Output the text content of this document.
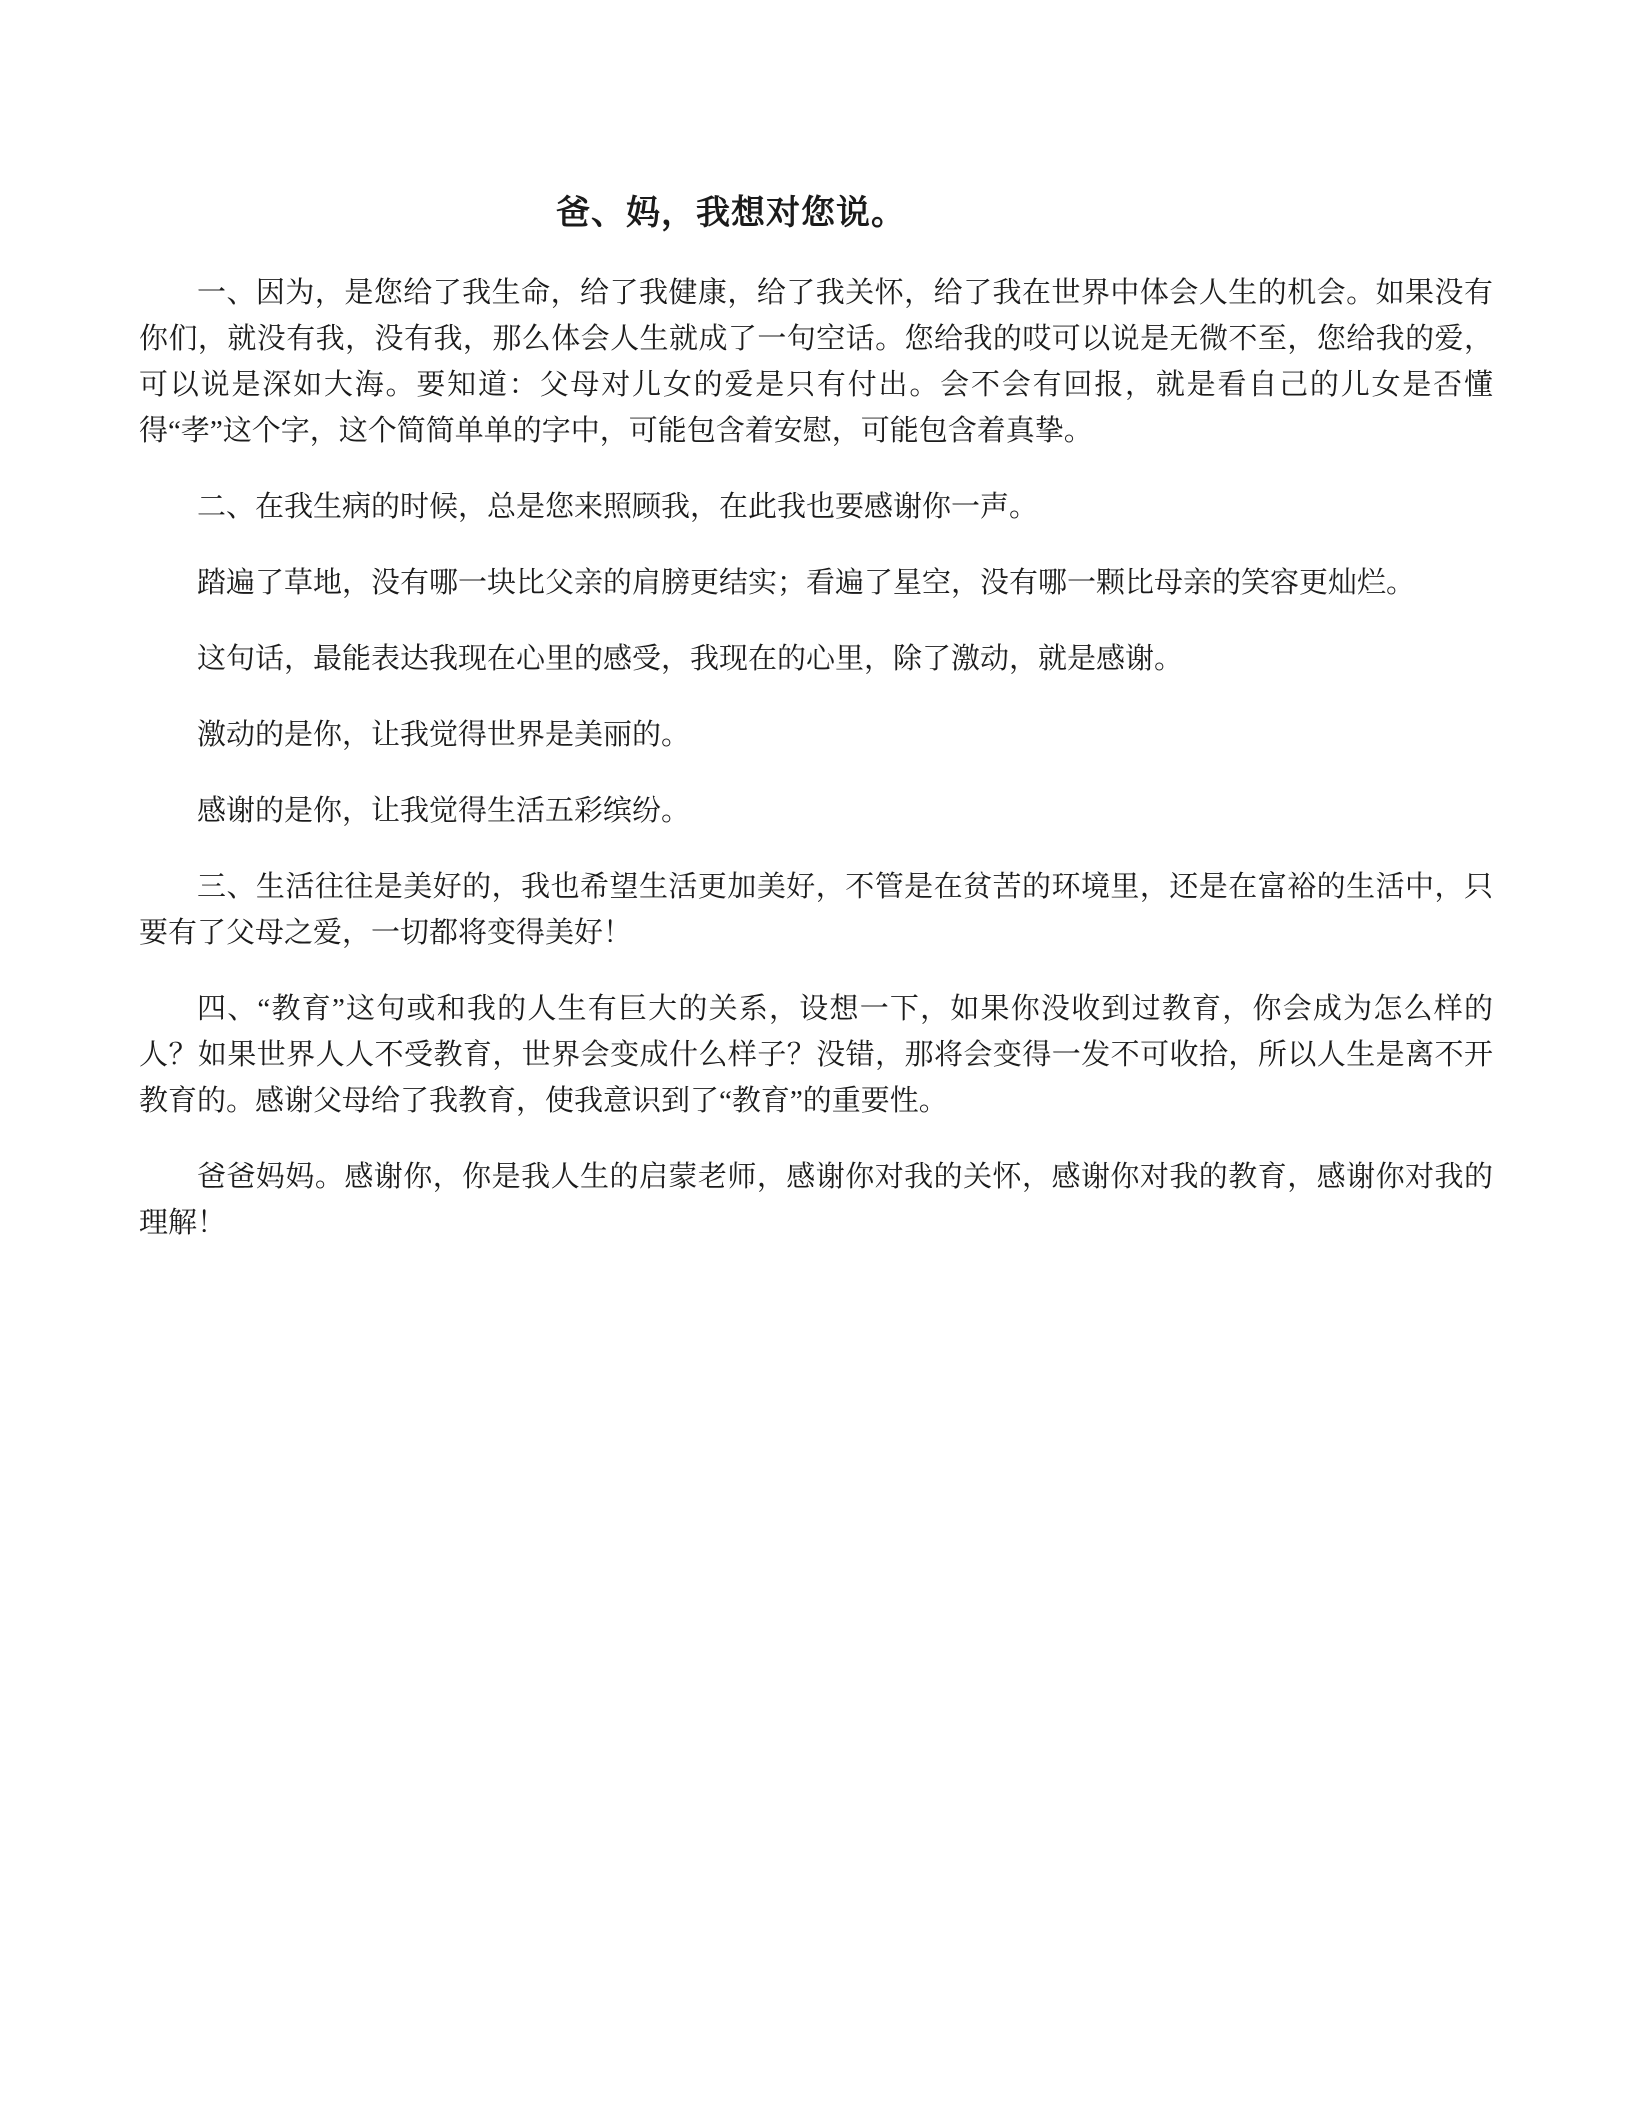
爸、妈，我想对您说。

一、因为，是您给了我生命，给了我健康，给了我关怀，给了我在世界中体会人生的机会。如果没有你们，就没有我，没有我，那么体会人生就成了一句空话。您给我的哎可以说是无微不至，您给我的爱，可以说是深如大海。要知道：父母对儿女的爱是只有付出。会不会有回报，就是看自己的儿女是否懂得“孝”这个字，这个简简单单的字中，可能包含着安慰，可能包含着真挚。

二、在我生病的时候，总是您来照顾我，在此我也要感谢你一声。

踏遍了草地，没有哪一块比父亲的肩膀更结实；看遍了星空，没有哪一颗比母亲的笑容更灿烂。

这句话，最能表达我现在心里的感受，我现在的心里，除了激动，就是感谢。

激动的是你，让我觉得世界是美丽的。

感谢的是你，让我觉得生活五彩缤纷。

三、生活往往是美好的，我也希望生活更加美好，不管是在贫苦的环境里，还是在富裕的生活中，只要有了父母之爱，一切都将变得美好！

四、“教育”这句或和我的人生有巨大的关系，设想一下，如果你没收到过教育，你会成为怎么样的人？如果世界人人不受教育，世界会变成什么样子？没错，那将会变得一发不可收拾，所以人生是离不开教育的。感谢父母给了我教育，使我意识到了“教育”的重要性。

爸爸妈妈。感谢你，你是我人生的启蒙老师，感谢你对我的关怀，感谢你对我的教育，感谢你对我的理解！
